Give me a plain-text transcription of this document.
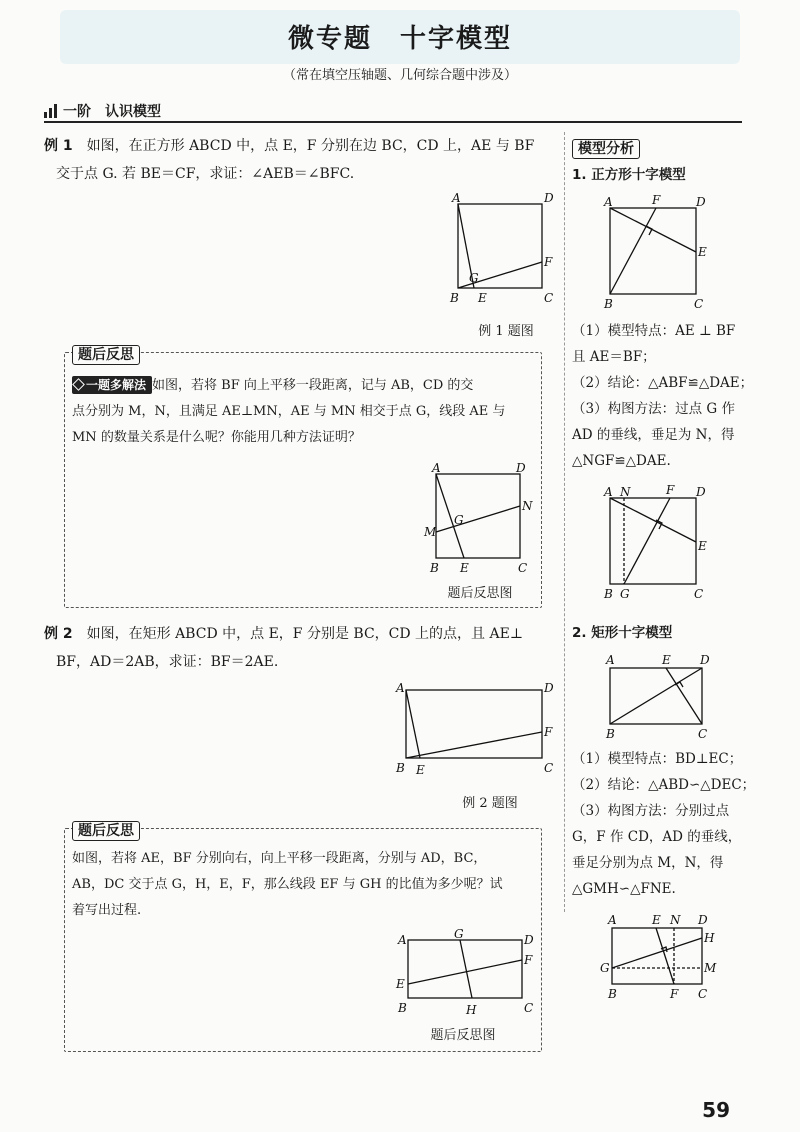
微专题　十字模型
（常在填空压轴题、几何综合题中涉及）
一阶　认识模型
例 1　 如图，在正方形 ABCD 中，点 E，F 分别在边 BC，CD 上，AE 与 BF
交于点 G. 若 BE＝CF，求证：∠AEB＝∠BFC.
A	D
F
G
B E	C
例 1 题图
题后反思
一题多解法 如图，若将 BF 向上平移一段距离，记与 AB，CD 的交
点分别为 M，N，且满足 AE⊥MN，AE 与 MN 相交于点 G，线段 AE 与
MN 的数量关系是什么呢？你能用几种方法证明？
A	D
N
G
M
B E	C
题后反思图
例 2　 如图，在矩形 ABCD 中，点 E，F 分别是 BC，CD 上的点，且 AE⊥
BF，AD＝2AB，求证：BF＝2AE.
A	D
F
B E	C
例 2 题图
题后反思
如图，若将 AE，BF 分别向右，向上平移一段距离，分别与 AD，BC，
AB，DC 交于点 G，H，E，F，那么线段 EF 与 GH 的比值为多少呢？试
着写出过程.
A	G	D
F
E
B	H	C
题后反思图
模型分析
1. 正方形十字模型
A	F	D
E
B	C
（1）模型特点：AE ⊥ BF
且 AE＝BF；
（2）结论：△ABF≌△DAE；
（3）构图方法：过点 G 作
AD 的垂线，垂足为 N，得
△NGF≌△DAE.
A N	F D
E
B G	C
2. 矩形十字模型
A	E D
B	C
（1）模型特点：BD⊥EC；
（2）结论：△ABD∽△DEC；
（3）构图方法：分别过点
G，F 作 CD，AD 的垂线，
垂足分别为点 M，N，得
△GMH∽△FNE.
A	E N D
H
G	M
B	F C
59
